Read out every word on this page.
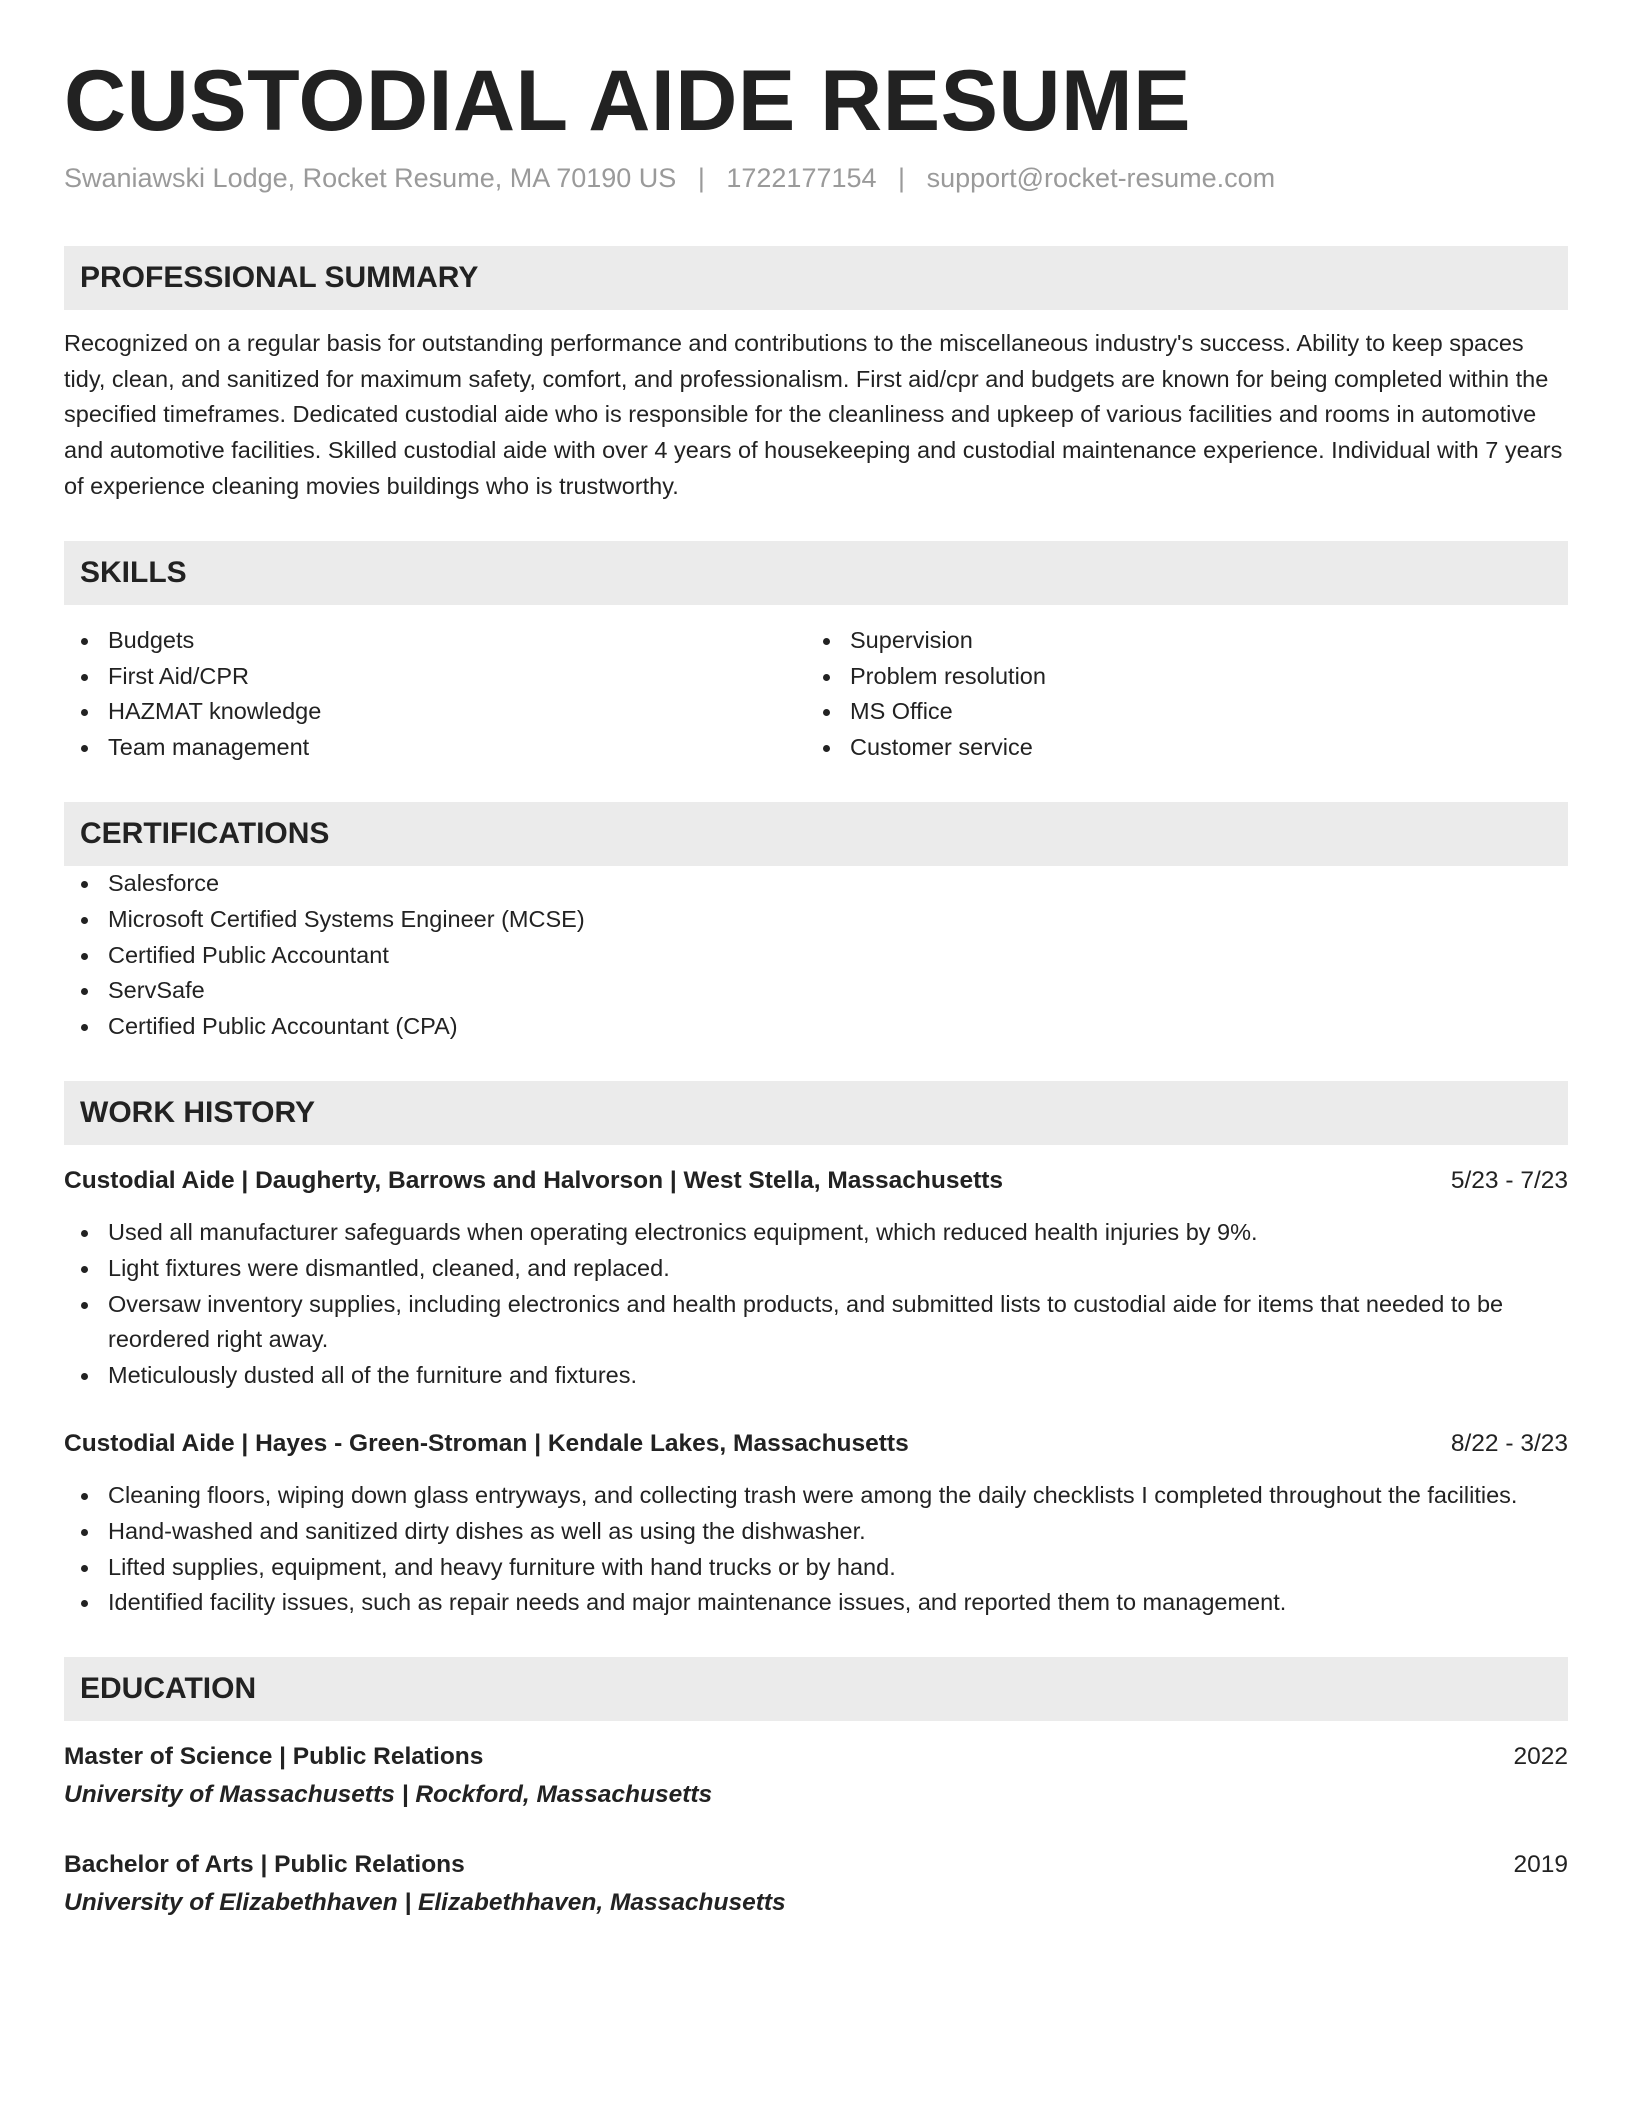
CUSTODIAL AIDE RESUME
Swaniawski Lodge, Rocket Resume, MA 70190 US | 1722177154 | support@rocket-resume.com
PROFESSIONAL SUMMARY
Recognized on a regular basis for outstanding performance and contributions to the miscellaneous industry's success. Ability to keep spaces tidy, clean, and sanitized for maximum safety, comfort, and professionalism. First aid/cpr and budgets are known for being completed within the specified timeframes. Dedicated custodial aide who is responsible for the cleanliness and upkeep of various facilities and rooms in automotive and automotive facilities. Skilled custodial aide with over 4 years of housekeeping and custodial maintenance experience. Individual with 7 years of experience cleaning movies buildings who is trustworthy.
SKILLS
Budgets
First Aid/CPR
HAZMAT knowledge
Team management
Supervision
Problem resolution
MS Office
Customer service
CERTIFICATIONS
Salesforce
Microsoft Certified Systems Engineer (MCSE)
Certified Public Accountant
ServSafe
Certified Public Accountant (CPA)
WORK HISTORY
Custodial Aide | Daugherty, Barrows and Halvorson | West Stella, Massachusetts	5/23 - 7/23
Used all manufacturer safeguards when operating electronics equipment, which reduced health injuries by 9%.
Light fixtures were dismantled, cleaned, and replaced.
Oversaw inventory supplies, including electronics and health products, and submitted lists to custodial aide for items that needed to be reordered right away.
Meticulously dusted all of the furniture and fixtures.
Custodial Aide | Hayes - Green-Stroman | Kendale Lakes, Massachusetts	8/22 - 3/23
Cleaning floors, wiping down glass entryways, and collecting trash were among the daily checklists I completed throughout the facilities.
Hand-washed and sanitized dirty dishes as well as using the dishwasher.
Lifted supplies, equipment, and heavy furniture with hand trucks or by hand.
Identified facility issues, such as repair needs and major maintenance issues, and reported them to management.
EDUCATION
Master of Science | Public Relations	2022
University of Massachusetts | Rockford, Massachusetts
Bachelor of Arts | Public Relations	2019
University of Elizabethhaven | Elizabethhaven, Massachusetts
